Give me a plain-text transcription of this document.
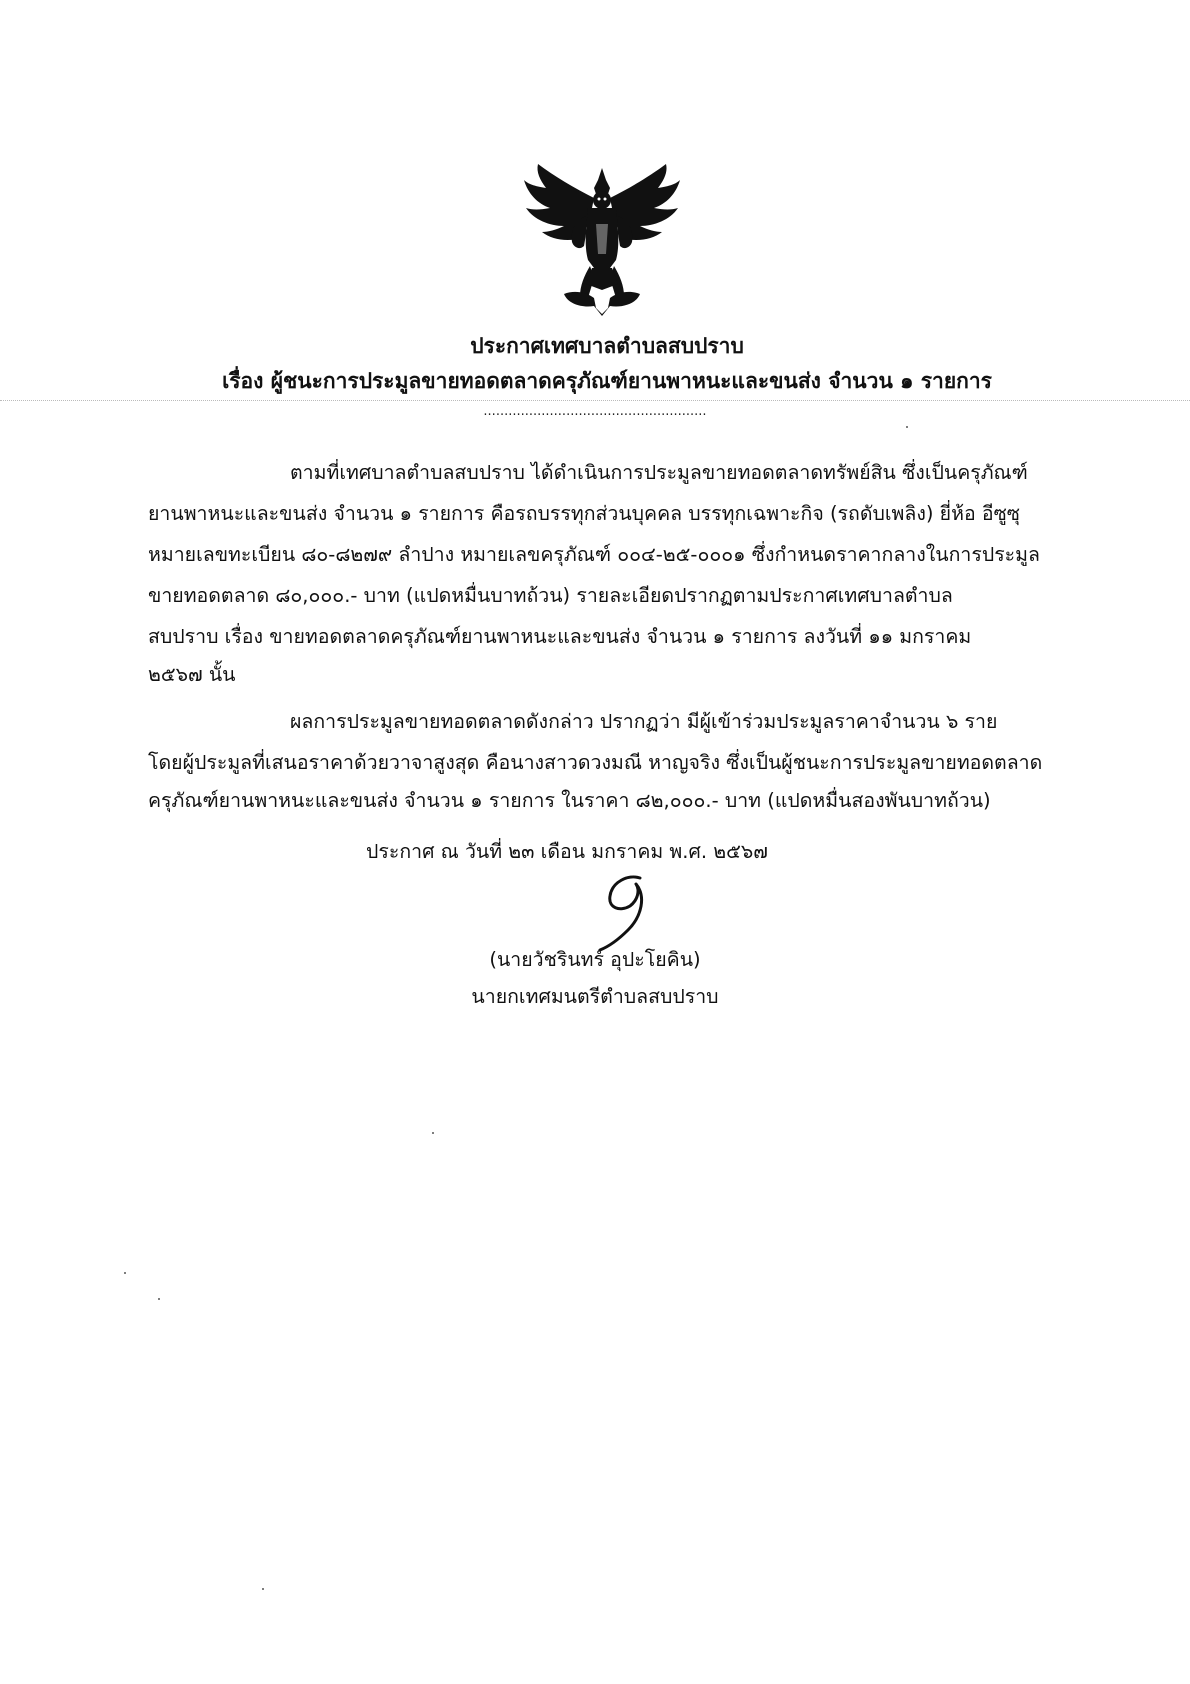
ประกาศเทศบาลตำบลสบปราบ
เรื่อง ผู้ชนะการประมูลขายทอดตลาดครุภัณฑ์ยานพาหนะและขนส่ง จำนวน ๑ รายการ
......................................................
ตามที่เทศบาลตำบลสบปราบ ได้ดำเนินการประมูลขายทอดตลาดทรัพย์สิน ซึ่งเป็นครุภัณฑ์
ยานพาหนะและขนส่ง จำนวน ๑ รายการ คือรถบรรทุกส่วนบุคคล บรรทุกเฉพาะกิจ (รถดับเพลิง) ยี่ห้อ อีซูซุ
หมายเลขทะเบียน ๘๐-๘๒๗๙ ลำปาง หมายเลขครุภัณฑ์ ๐๐๔-๒๕-๐๐๐๑ ซึ่งกำหนดราคากลางในการประมูล
ขายทอดตลาด ๘๐,๐๐๐.- บาท (แปดหมื่นบาทถ้วน) รายละเอียดปรากฏตามประกาศเทศบาลตำบล
สบปราบ เรื่อง ขายทอดตลาดครุภัณฑ์ยานพาหนะและขนส่ง จำนวน ๑ รายการ ลงวันที่ ๑๑ มกราคม
๒๕๖๗ นั้น
ผลการประมูลขายทอดตลาดดังกล่าว ปรากฏว่า มีผู้เข้าร่วมประมูลราคาจำนวน ๖ ราย
โดยผู้ประมูลที่เสนอราคาด้วยวาจาสูงสุด คือนางสาวดวงมณี หาญจริง ซึ่งเป็นผู้ชนะการประมูลขายทอดตลาด
ครุภัณฑ์ยานพาหนะและขนส่ง จำนวน ๑ รายการ ในราคา ๘๒,๐๐๐.- บาท (แปดหมื่นสองพันบาทถ้วน)
ประกาศ ณ วันที่ ๒๓ เดือน มกราคม พ.ศ. ๒๕๖๗
(นายวัชรินทร์ อุปะโยคิน)
นายกเทศมนตรีตำบลสบปราบ
